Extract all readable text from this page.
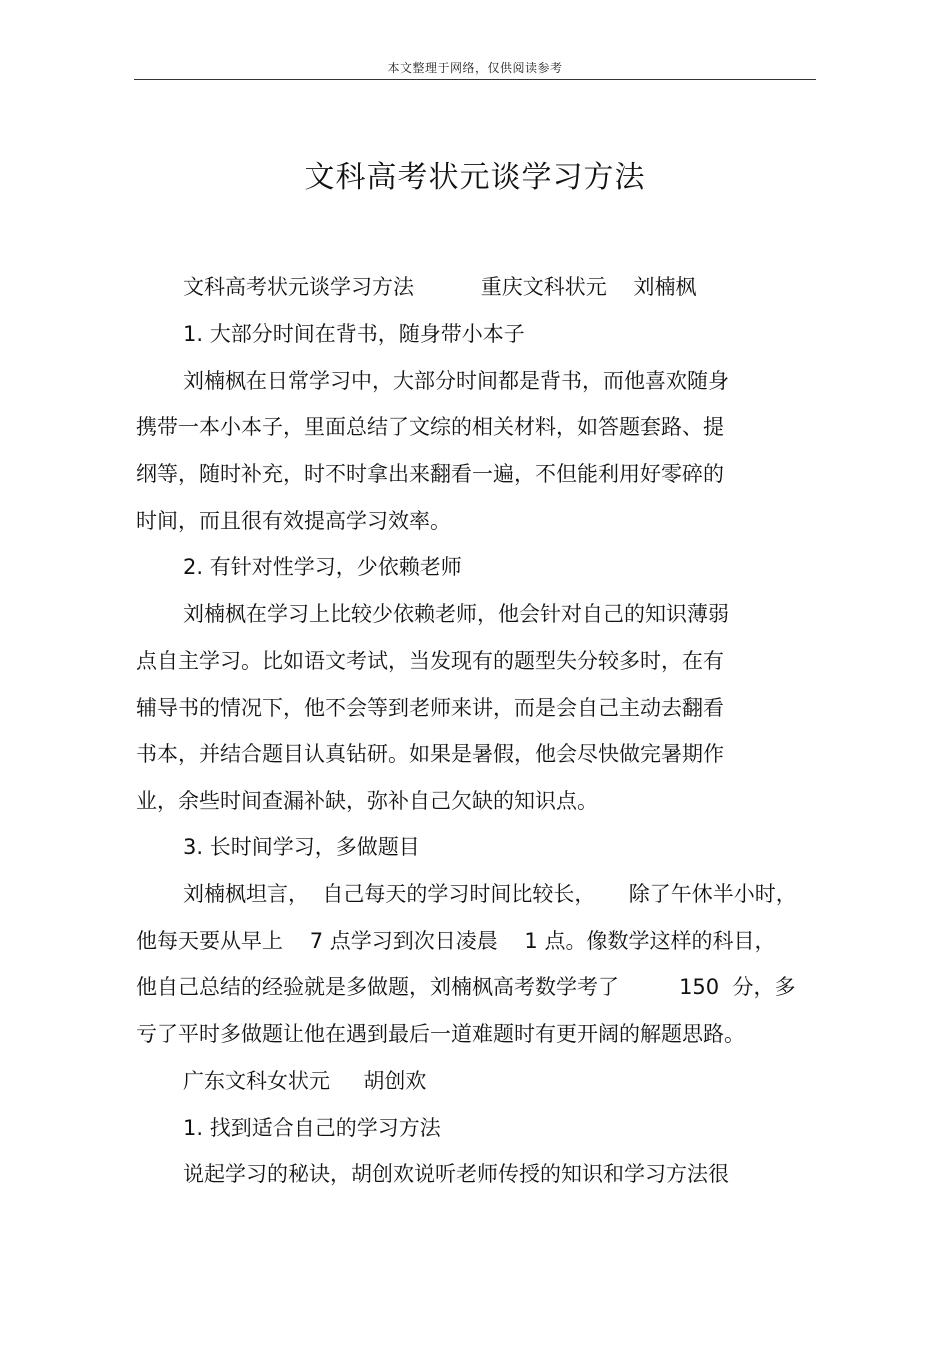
本文整理于网络，仅供阅读参考
文科高考状元谈学习方法
文科高考状元谈学习方法          重庆文科状元    刘楠枫
1. 大部分时间在背书，随身带小本子
刘楠枫在日常学习中，大部分时间都是背书，而他喜欢随身
携带一本小本子，里面总结了文综的相关材料，如答题套路、提
纲等，随时补充，时不时拿出来翻看一遍，不但能利用好零碎的
时间，而且很有效提高学习效率。
2. 有针对性学习，少依赖老师
刘楠枫在学习上比较少依赖老师，他会针对自己的知识薄弱
点自主学习。比如语文考试，当发现有的题型失分较多时，在有
辅导书的情况下，他不会等到老师来讲，而是会自己主动去翻看
书本，并结合题目认真钻研。如果是暑假，他会尽快做完暑期作
业，余些时间查漏补缺，弥补自己欠缺的知识点。
3. 长时间学习，多做题目
刘楠枫坦言，  自己每天的学习时间比较长，     除了午休半小时，
他每天要从早上    7 点学习到次日凌晨    1 点。像数学这样的科目，
他自己总结的经验就是多做题，刘楠枫高考数学考了         150  分，多
亏了平时多做题让他在遇到最后一道难题时有更开阔的解题思路。
广东文科女状元     胡创欢
1. 找到适合自己的学习方法
说起学习的秘诀，胡创欢说听老师传授的知识和学习方法很
